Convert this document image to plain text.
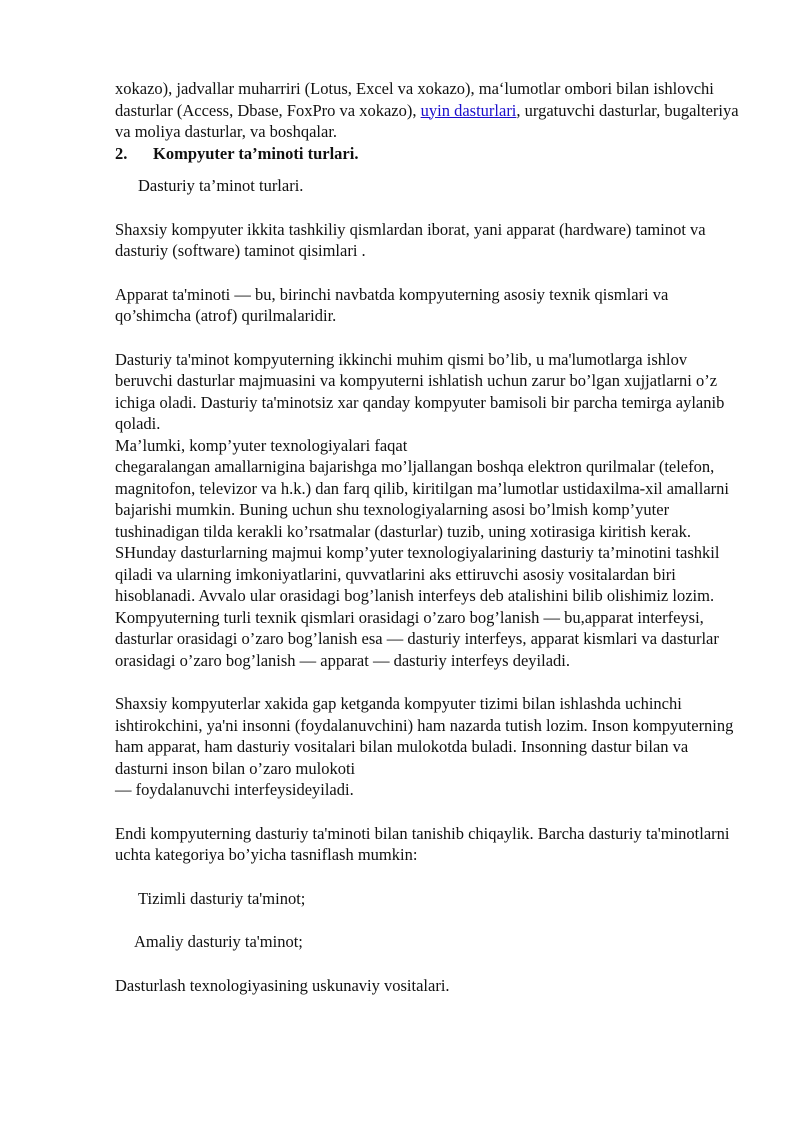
xokazo), jadvallar muharriri (Lotus, Excel va xokazo), ma‘lumotlar ombori bilan ishlovchi dasturlar (Access, Dbase, FoxPro va xokazo), uyin dasturlari, urgatuvchi dasturlar, bugalteriya va moliya dasturlar, va boshqalar.

2.	Kompyuter ta’minoti turlari.

Dasturiy ta’minot turlari.

Shaxsiy kompyuter ikkita tashkiliy qismlardan iborat, yani apparat (hardware) taminot va dasturiy (software) taminot qisimlari .

Apparat ta'minoti — bu, birinchi navbatda kompyuterning asosiy texnik qismlari va qo’shimcha (atrof) qurilmalaridir.

Dasturiy ta'minot kompyuterning ikkinchi muhim qismi bo’lib, u ma'lumotlarga ishlov beruvchi dasturlar majmuasini va kompyuterni ishlatish uchun zarur bo’lgan xujjatlarni o’z ichiga oladi. Dasturiy ta'minotsiz xar qanday kompyuter bamisoli bir parcha temirga aylanib qoladi.

Ma’lumki, komp’yuter texnologiyalari faqat

chegaralangan amallarnigina bajarishga mo’ljallangan boshqa elektron qurilmalar (telefon, magnitofon, televizor va h.k.) dan farq qilib, kiritilgan ma’lumotlar ustidaxilma-xil amallarni bajarishi mumkin. Buning uchun shu texnologiyalarning asosi bo’lmish komp’yuter tushinadigan tilda kerakli ko’rsatmalar (dasturlar) tuzib, uning xotirasiga kiritish kerak. SHunday dasturlarning majmui komp’yuter texnologiyalarining dasturiy ta’minotini tashkil qiladi va ularning imkoniyatlarini, quvvatlarini aks ettiruvchi asosiy vositalardan biri hisoblanadi. Avvalo ular orasidagi bog’lanish interfeys deb atalishini bilib olishimiz lozim. Kompyuterning turli texnik qismlari orasidagi o’zaro bog’lanish — bu,apparat interfeysi, dasturlar orasidagi o’zaro bog’lanish esa — dasturiy interfeys, apparat kismlari va dasturlar orasidagi o’zaro bog’lanish — apparat — dasturiy interfeys deyiladi.

Shaxsiy kompyuterlar xakida gap ketganda kompyuter tizimi bilan ishlashda uchinchi ishtirokchini, ya'ni insonni (foydalanuvchini) ham nazarda tutish lozim. Inson kompyuterning ham apparat, ham dasturiy vositalari bilan mulokotda buladi. Insonning dastur bilan va dasturni inson bilan o’zaro mulokoti

— foydalanuvchi interfeysideyiladi.

Endi kompyuterning dasturiy ta'minoti bilan tanishib chiqaylik. Barcha dasturiy ta'minotlarni uchta kategoriya bo’yicha tasniflash mumkin:

Tizimli dasturiy ta'minot;

Amaliy dasturiy ta'minot;

Dasturlash texnologiyasining uskunaviy vositalari.
